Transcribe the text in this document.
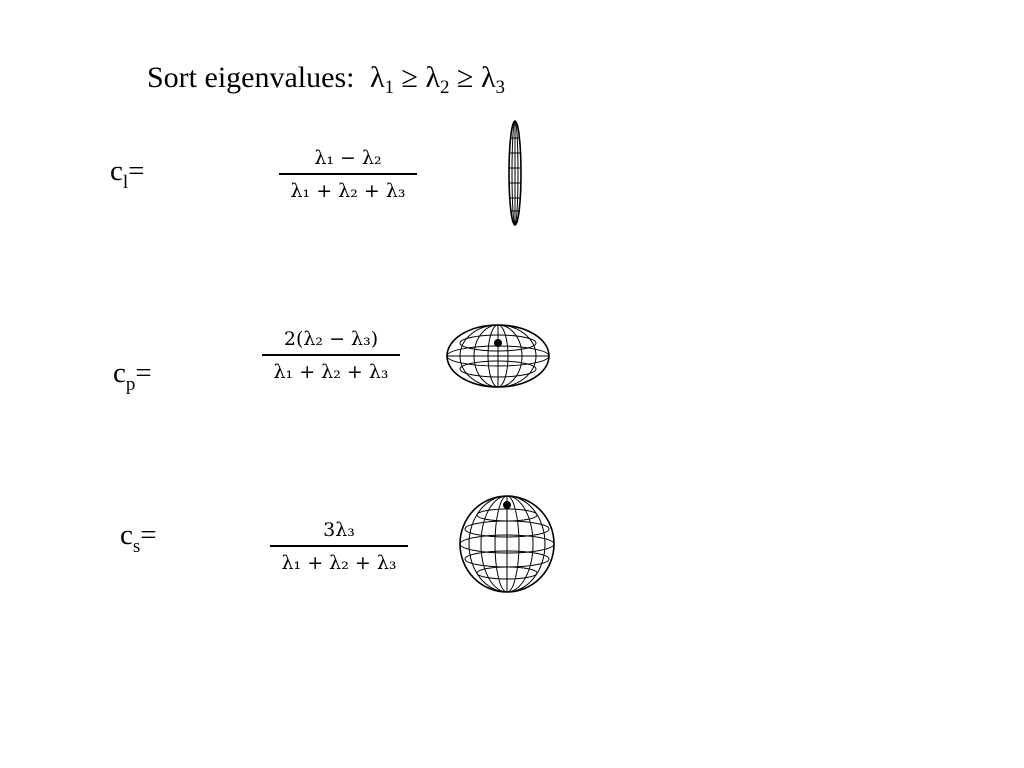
Sort eigenvalues: $\lambda_1 \ge \lambda_2 \ge \lambda_3$
$c_l=$	λ₁ − λ₂
λ₁ + λ₂ + λ₃
$c_p=$
2(λ₂ − λ₃)
λ₁ + λ₂ + λ₃
$c_s=$	3λ₃
λ₁ + λ₂ + λ₃
